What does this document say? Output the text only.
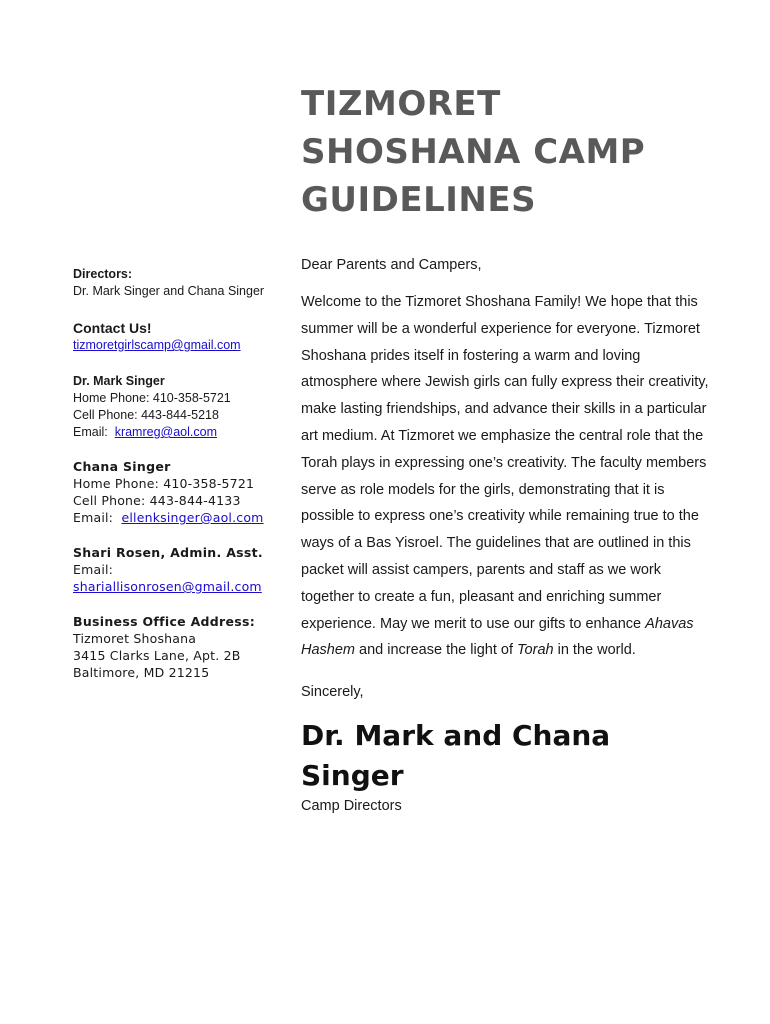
TIZMORET SHOSHANA CAMP GUIDELINES
Directors:
Dr. Mark Singer and Chana Singer
Contact Us!
tizmoretgirlscamp@gmail.com
Dr. Mark Singer
Home Phone: 410-358-5721
Cell Phone: 443-844-5218
Email:  kramreg@aol.com
Chana Singer
Home Phone: 410-358-5721
Cell Phone: 443-844-4133
Email:  ellenksinger@aol.com
Shari Rosen, Admin. Asst.
Email:
shariallisonrosen@gmail.com
Business Office Address:
Tizmoret Shoshana
3415 Clarks Lane, Apt. 2B
Baltimore, MD 21215
Dear Parents and Campers,
Welcome to the Tizmoret Shoshana Family! We hope that this summer will be a wonderful experience for everyone. Tizmoret Shoshana prides itself in fostering a warm and loving atmosphere where Jewish girls can fully express their creativity, make lasting friendships, and advance their skills in a particular art medium. At Tizmoret we emphasize the central role that the Torah plays in expressing one’s creativity. The faculty members serve as role models for the girls, demonstrating that it is possible to express one’s creativity while remaining true to the ways of a Bas Yisroel. The guidelines that are outlined in this packet will assist campers, parents and staff as we work together to create a fun, pleasant and enriching summer experience. May we merit to use our gifts to enhance Ahavas Hashem and increase the light of Torah in the world.
Sincerely,
Dr. Mark and Chana Singer
Camp Directors
